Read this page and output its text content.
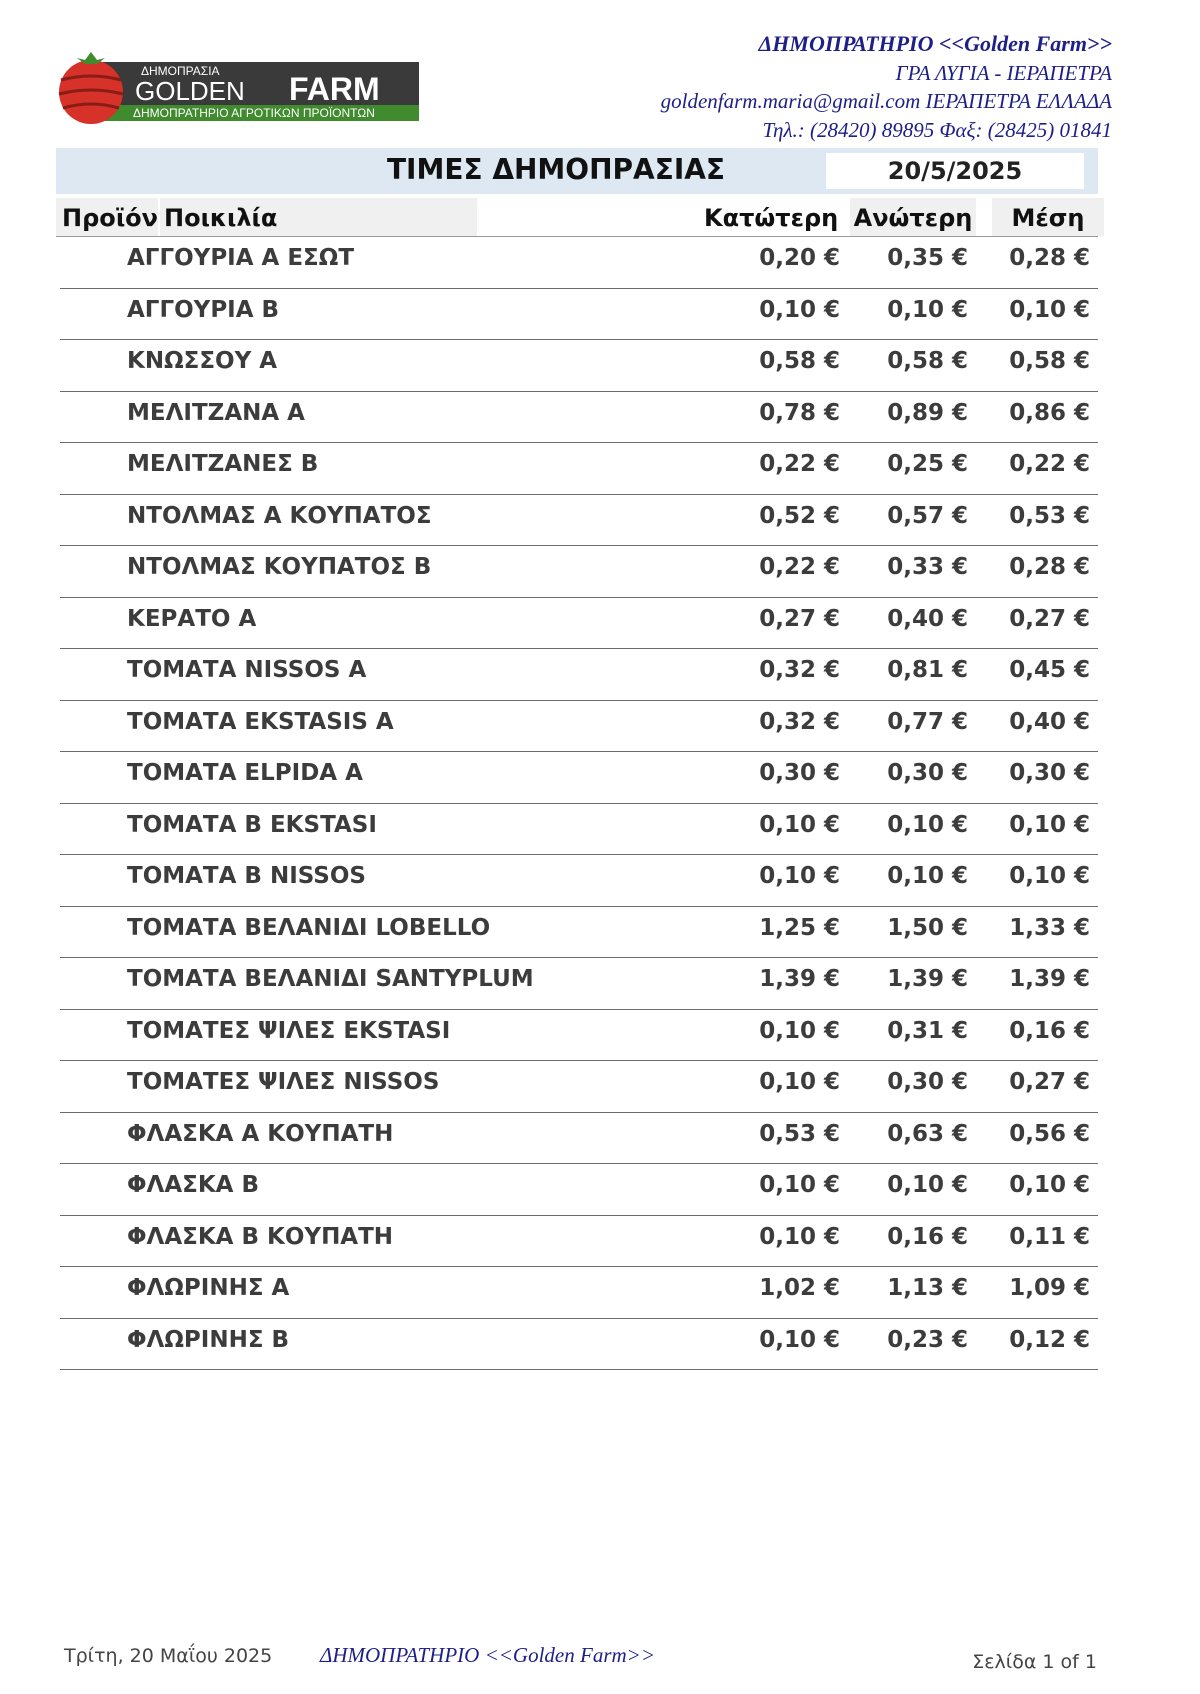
ΔΗΜΟΠΡΑΣΙΑ
GOLDEN FARM
ΔΗΜΟΠΡΑΤΗΡΙΟ ΑΓΡΟΤΙΚΩΝ ΠΡΟΪΟΝΤΩΝ
ΔΗΜΟΠΡΑΤΗΡΙΟ <<Golden Farm>>
ΓΡΑ ΛΥΓΙΑ - ΙΕΡΑΠΕΤΡΑ
goldenfarm.maria@gmail.com ΙΕΡΑΠΕΤΡΑ ΕΛΛΑΔΑ
Τηλ.: (28420) 89895 Φαξ: (28425) 01841
ΤΙΜΕΣ ΔΗΜΟΠΡΑΣΙΑΣ	20/5/2025
Προϊόν Ποικιλία	Κατώτερη Ανώτερη	Μέση
ΑΓΓΟΥΡΙΑ Α ΕΣΩΤ	0,20 € 0,35 € 0,28 €
ΑΓΓΟΥΡΙΑ Β	0,10 € 0,10 € 0,10 €
ΚΝΩΣΣΟΥ Α	0,58 € 0,58 € 0,58 €
ΜΕΛΙΤΖΑΝΑ Α	0,78 € 0,89 € 0,86 €
ΜΕΛΙΤΖΑΝΕΣ Β	0,22 € 0,25 € 0,22 €
ΝΤΟΛΜΑΣ Α ΚΟΥΠΑΤΟΣ	0,52 € 0,57 € 0,53 €
ΝΤΟΛΜΑΣ ΚΟΥΠΑΤΟΣ Β	0,22 € 0,33 € 0,28 €
ΚΕΡΑΤΟ Α	0,27 € 0,40 € 0,27 €
ΤΟΜΑΤΑ NISSOS Α	0,32 € 0,81 € 0,45 €
ΤΟΜΑΤΑ EKSTASIS Α	0,32 € 0,77 € 0,40 €
ΤΟΜΑΤΑ ELPIDA Α	0,30 € 0,30 € 0,30 €
ΤΟΜΑΤΑ Β EKSTASI	0,10 € 0,10 € 0,10 €
ΤΟΜΑΤΑ Β NISSOS	0,10 € 0,10 € 0,10 €
ΤΟΜΑΤΑ ΒΕΛΑΝΙΔΙ LOBELLO	1,25 € 1,50 € 1,33 €
ΤΟΜΑΤΑ ΒΕΛΑΝΙΔΙ SANTYPLUM	1,39 € 1,39 € 1,39 €
ΤΟΜΑΤΕΣ ΨΙΛΕΣ EKSTASI	0,10 € 0,31 € 0,16 €
ΤΟΜΑΤΕΣ ΨΙΛΕΣ NISSOS	0,10 € 0,30 € 0,27 €
ΦΛΑΣΚΑ Α ΚΟΥΠΑΤΗ	0,53 € 0,63 € 0,56 €
ΦΛΑΣΚΑ Β	0,10 € 0,10 € 0,10 €
ΦΛΑΣΚΑ Β ΚΟΥΠΑΤΗ	0,10 € 0,16 € 0,11 €
ΦΛΩΡΙΝΗΣ Α	1,02 € 1,13 € 1,09 €
ΦΛΩΡΙΝΗΣ Β	0,10 € 0,23 € 0,12 €
Τρίτη, 20 Μαΐου 2025 ΔΗΜΟΠΡΑΤΗΡΙΟ <<Golden Farm>>	Σελίδα 1 of 1
